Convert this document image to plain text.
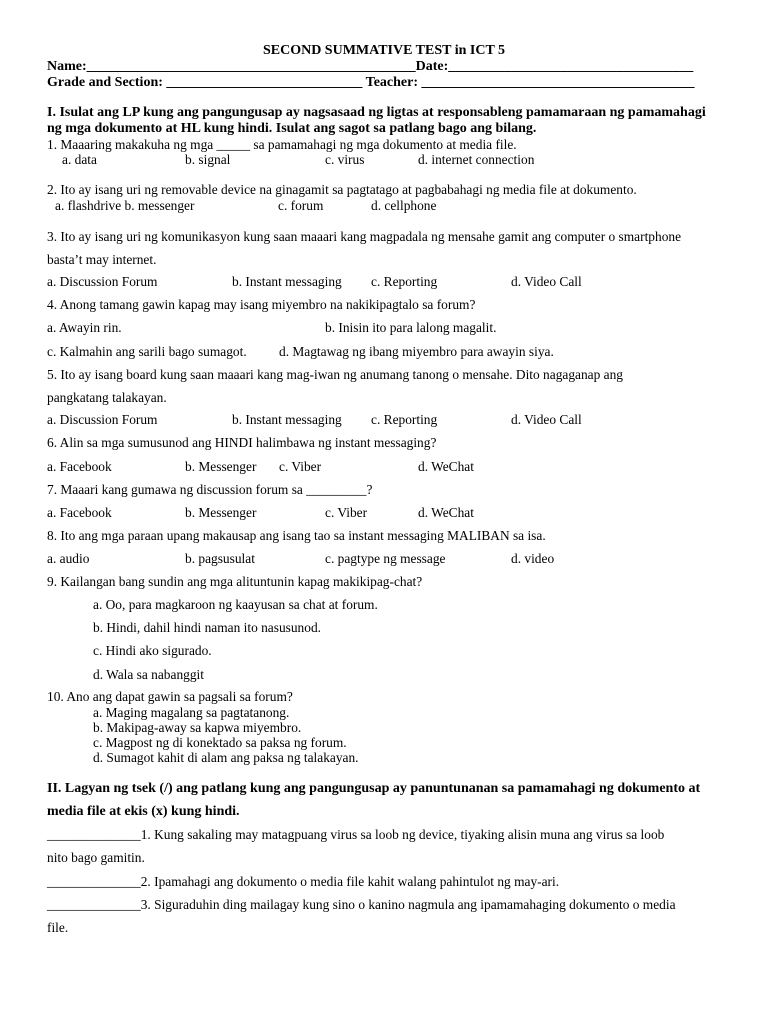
SECOND SUMMATIVE TEST in ICT 5
Name:_______________________________________________Date:___________________________________
Grade and Section: ____________________________ Teacher: _______________________________________
I. Isulat ang LP kung ang pangungusap ay nagsasaad ng ligtas at responsableng pamamaraan ng pamamahagi
ng mga dokumento at HL kung hindi. Isulat ang sagot sa patlang bago ang bilang.
1. Maaaring makakuha ng mga _____ sa pamamahagi ng mga dokumento at media file.
a. data	b. signal	c. virus	d. internet connection
2. Ito ay isang uri ng removable device na ginagamit sa pagtatago at pagbabahagi ng media file at dokumento.
a. flashdrive b. messenger	c. forum	d. cellphone
3. Ito ay isang uri ng komunikasyon kung saan maaari kang magpadala ng mensahe gamit ang computer o smartphone
basta’t may internet.
a. Discussion Forum	b. Instant messaging c. Reporting	d. Video Call
4. Anong tamang gawin kapag may isang miyembro na nakikipagtalo sa forum?
a. Awayin rin.	b. Inisin ito para lalong magalit.
c. Kalmahin ang sarili bago sumagot. d. Magtawag ng ibang miyembro para awayin siya.
5. Ito ay isang board kung saan maaari kang mag-iwan ng anumang tanong o mensahe. Dito nagaganap ang
pangkatang talakayan.
a. Discussion Forum	b. Instant messaging c. Reporting	d. Video Call
6. Alin sa mga sumusunod ang HINDI halimbawa ng instant messaging?
a. Facebook	b. Messenger c. Viber	d. WeChat
7. Maaari kang gumawa ng discussion forum sa _________?
a. Facebook	b. Messenger	c. Viber	d. WeChat
8. Ito ang mga paraan upang makausap ang isang tao sa instant messaging MALIBAN sa isa.
a. audio	b. pagsusulat	c. pagtype ng message	d. video
9. Kailangan bang sundin ang mga alituntunin kapag makikipag-chat?
a. Oo, para magkaroon ng kaayusan sa chat at forum.
b. Hindi, dahil hindi naman ito nasusunod.
c. Hindi ako sigurado.
d. Wala sa nabanggit
10. Ano ang dapat gawin sa pagsali sa forum?
a. Maging magalang sa pagtatanong.
b. Makipag-away sa kapwa miyembro.
c. Magpost ng di konektado sa paksa ng forum.
d. Sumagot kahit di alam ang paksa ng talakayan.
II. Lagyan ng tsek (/) ang patlang kung ang pangungusap ay panuntunanan sa pamamahagi ng dokumento at
media file at ekis (x) kung hindi.
______________1. Kung sakaling may matagpuang virus sa loob ng device, tiyaking alisin muna ang virus sa loob
nito bago gamitin.
______________2. Ipamahagi ang dokumento o media file kahit walang pahintulot ng may-ari.
______________3. Siguraduhin ding mailagay kung sino o kanino nagmula ang ipamamahaging dokumento o media
file.
